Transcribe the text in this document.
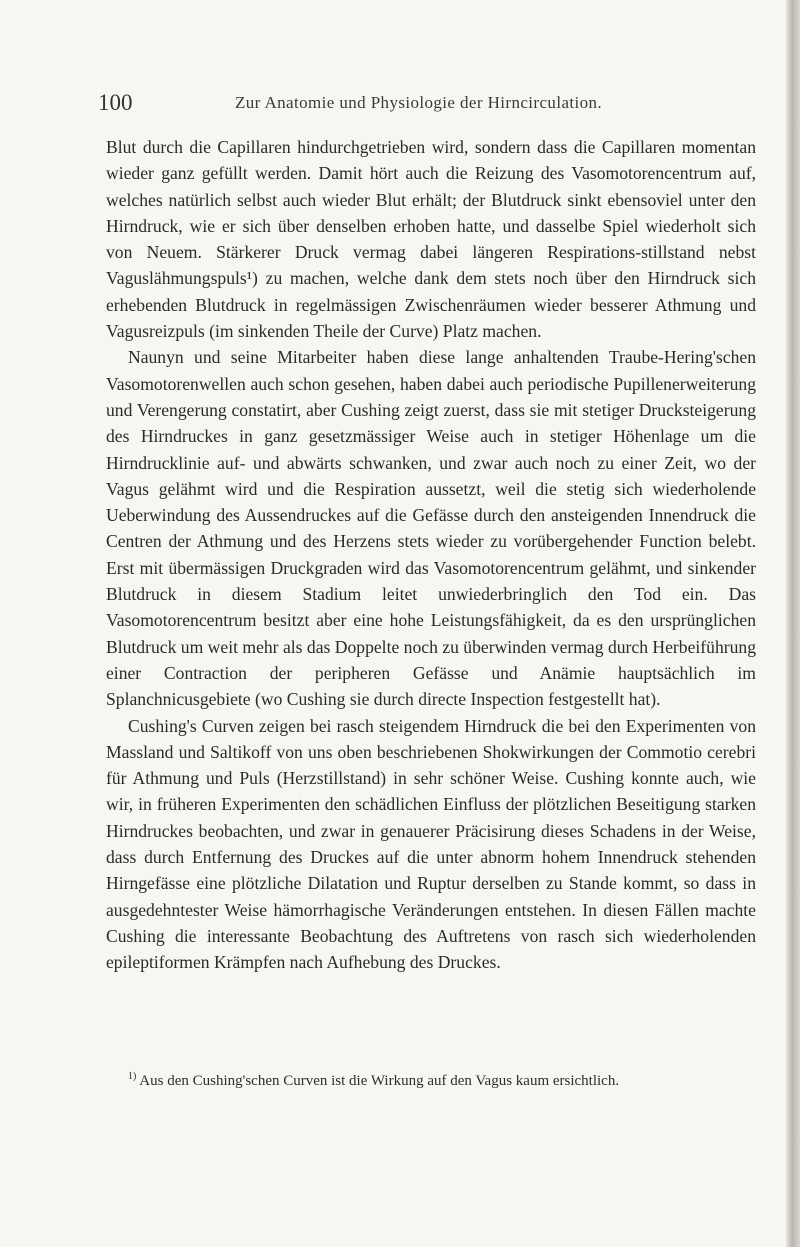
100	Zur Anatomie und Physiologie der Hirncirculation.

Blut durch die Capillaren hindurchgetrieben wird, sondern dass die Capillaren momentan wieder ganz gefüllt werden. Damit hört auch die Reizung des Vasomotorencentrum auf, welches natürlich selbst auch wieder Blut erhält; der Blutdruck sinkt ebensoviel unter den Hirndruck, wie er sich über denselben erhoben hatte, und dasselbe Spiel wiederholt sich von Neuem. Stärkerer Druck vermag dabei längeren Respirations-stillstand nebst Vaguslähmungspuls¹) zu machen, welche dank dem stets noch über den Hirndruck sich erhebenden Blutdruck in regelmässigen Zwischenräumen wieder besserer Athmung und Vagusreizpuls (im sinkenden Theile der Curve) Platz machen.

Naunyn und seine Mitarbeiter haben diese lange anhaltenden Traube-Hering'schen Vasomotorenwellen auch schon gesehen, haben dabei auch periodische Pupillenerweiterung und Verengerung constatirt, aber Cushing zeigt zuerst, dass sie mit stetiger Drucksteigerung des Hirndruckes in ganz gesetzmässiger Weise auch in stetiger Höhenlage um die Hirndrucklinie auf- und abwärts schwanken, und zwar auch noch zu einer Zeit, wo der Vagus gelähmt wird und die Respiration aussetzt, weil die stetig sich wiederholende Ueberwindung des Aussendruckes auf die Gefässe durch den ansteigenden Innendruck die Centren der Athmung und des Herzens stets wieder zu vorübergehender Function belebt. Erst mit übermässigen Druckgraden wird das Vasomotorencentrum gelähmt, und sinkender Blutdruck in diesem Stadium leitet unwiederbringlich den Tod ein. Das Vasomotorencentrum besitzt aber eine hohe Leistungsfähigkeit, da es den ursprünglichen Blutdruck um weit mehr als das Doppelte noch zu überwinden vermag durch Herbeiführung einer Contraction der peripheren Gefässe und Anämie hauptsächlich im Splanchnicusgebiete (wo Cushing sie durch directe Inspection festgestellt hat).

Cushing's Curven zeigen bei rasch steigendem Hirndruck die bei den Experimenten von Massland und Saltikoff von uns oben beschriebenen Shokwirkungen der Commotio cerebri für Athmung und Puls (Herzstillstand) in sehr schöner Weise. Cushing konnte auch, wie wir, in früheren Experimenten den schädlichen Einfluss der plötzlichen Beseitigung starken Hirndruckes beobachten, und zwar in genauerer Präcisirung dieses Schadens in der Weise, dass durch Entfernung des Druckes auf die unter abnorm hohem Innendruck stehenden Hirngefässe eine plötzliche Dilatation und Ruptur derselben zu Stande kommt, so dass in ausgedehntester Weise hämorrhagische Veränderungen entstehen. In diesen Fällen machte Cushing die interessante Beobachtung des Auftretens von rasch sich wiederholenden epileptiformen Krämpfen nach Aufhebung des Druckes.

$^{1)}$ Aus den Cushing'schen Curven ist die Wirkung auf den Vagus kaum ersichtlich.
